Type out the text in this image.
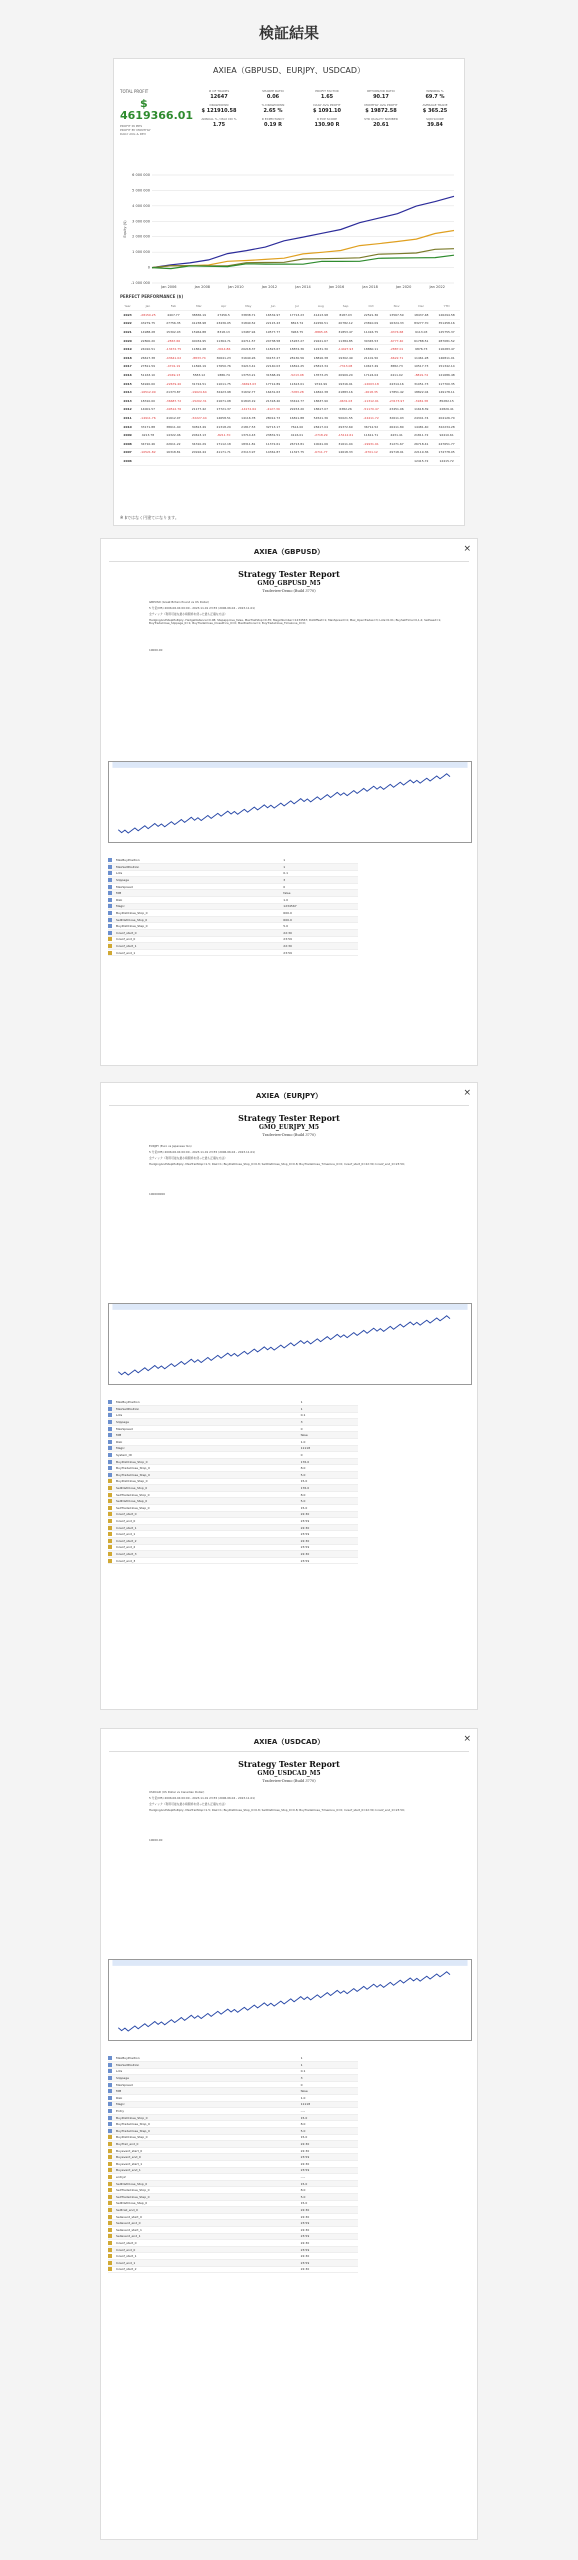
検証結果
AXIEA（GBPUSD、EURJPY、USDCAD）
TOTAL PROFIT
$
4619366.01
PROFIT IN PIPS
PROFIT BY MONTHLY
DAILY AVG & DEV
# OF TRADES
12647
SHARPE RATIO
0.06
PROFIT FACTOR
1.65
RETURN/DD RATIO
90.17
WINNING %
69.7 %
DRAWDOWN
$ 121910.58
% DRAWDOWN
2.65 %
DAILY AVG PROFIT
$ 1091.10
MONTHLY AVG PROFIT
$ 19872.58
AVERAGE TRADE
$ 365.25
ANNUAL % / MAX DD %
1.75
R EXPECTANCY
0.19 R
R EXP SCORE
130.90 R
STR QUALITY NUMBER
20.61
SQN SCORE
39.84
6 000 000
5 000 000
4 000 000
3 000 000
2 000 000
1 000 000
0
-1 000 000
Jan 2006	Jan 2008	Jan 2010	Jan 2012	Jan 2014	Jan 2016	Jan 2018	Jan 2020	Jan 2022
Equity ($)
PERFECT PERFORMANCE ($)
Year	Jan	Feb	Mar	Apr	May	Jun	Jul	Aug	Sep	Oct	Nov	Dec	YTD
2023	-28150.25	4407.77	38836.19	27456.5	33838.71	16532.97	17713.23	41413.98	8187.03	22521.36	13567.59	18437.48	126294.58
2022	43279.75	27756.35	41238.98	23436.05	31840.52	22115.43	8813.74	42256.51	20782.12	23810.09	16324.33	83277.70	351458.16
2021	14988.28	15302.03	15964.88	8318.13	13487.94	19577.77	3963.75	-8865.45	31853.47	11416.75	-9374.68	9113.03	125755.37
2020	22800.20	-2867.66	40034.95	11364.71	44711.57	24738.58	15267.27	29221.67	11384.85	30345.53	-6777.40	61788.51	287081.52
2019	24010.51	-13472.75	11861.48	-3014.86	20218.37	11823.67	18874.36	12231.30	-14427.93	18860.11	-2887.01	9876.73	116283.47
2018	26617.38	-43641.02	-8833.74	30641.23	31640.26	34157.27	28130.56	18816.38	19302.49	21101.50	-6622.71	11461.28	146811.01
2017	27811.59	-4701.19	11826.19	17650.76	34213.41	22140.03	16812.25	25813.34	-7313.08	10617.49	3882.73	10517.73	151342.14
2016	51163.10	-2049.13	5583.12	1886.74	13753.21	31568.29	-5213.08	13573.25	20909.20	17124.04	2411.02	-8819.74	121686.48
2015	54920.00	-22679.40	31724.51	11011.75	-34693.03	17712.89	11613.01	9722.99	19316.91	-12003.18	24314.16	31051.73	117700.35
2014	-16512.99	21373.87	-19024.64	32423.98	31632.77	16431.63	-7283.28	14822.38	21883.16	-2618.35	17851.42	18822.04	149178.11
2013	18310.00	-36687.72	-15202.31	21671.08	61843.19	21318.40	33412.77	18637.90	-9631.03	-11312.91	-23173.97	-3184.38	85282.15
2012	14001.57	-49512.76	21177.42	17721.37	-14172.64	-4127.39	29153.20	18617.07	6382.26	-51170.47	23451.06	11618.39	22826.41
2011	-14911.76	41612.07	-32227.44	14658.51	14116.78	28012.73	16811.88	54521.36	50021.55	-24411.72	32611.93	24341.74	204126.70
2010	33171.88	38611.40	30813.49	21318.29	21817.53	32713.17	7614.00	28417.04	29372.69	36712.52	26411.80	14481.40	322234.28
2009	4213.78	14322.46	20613.13	-8211.70	13714.43	23831.51	4116.01	-2718.29	-15112.61	11611.71	4431.41	21811.72	92410.61
2008	34710.46	22611.22	34310.29	17112.18	18311.81	11372.61	26713.81	10041.06	31611.04	-19931.91	31271.67	26718.41	247651.77
2007	-10521.82	16318.81	20916.44	41171.71	23113.97	14361.87	11327.75	-6711.77	14618.33	-6701.12	29718.91	22119.36	174778.05
2006												12415.72	12415.72
※ $ではなく円建てになります。
×
AXIEA（GBPUSD）
Strategy Tester Report
GMO_GBPUSD_M5
Tradeview-Demo (Build 3770)
GBPUSD (Great Britain Pound vs US Dollar)
5 分足(M5) 2006.06.04 00:00 - 2023.11.01 23:55 (2006.06.04 - 2023.11.01)
全ティック（利用可能な最小時間枠を使った最も正確な方法）
HedgingAndStepMultiply, HedgeDistance=0.08; Stepapprove_false, MaxTrailStop=0.35; MagicNumber=1234567; DstOffset=1; MaxSpread=4; Max_OpenTrades=3; Lots=0.01; BuySellTime=0,1,2; SellSeed=1; BuyTradeClose_Slippage_0=1; BuyTradeClose_ClosePrice_0=0; MaxPositions=1; BuyTradeClose_Timezone_0=0;
10000.00
	MaxBuyPosition	1
	MaxSellPosition	1
	Lots	0.1
	Slippage	3
	MaxSpread	0
	MM	false
	Risk	1.0
	Magic	1234567
	BuyDistClose_Stop_0	600.0
	SellDistClose_Stop_0	600.0
	BuyDistClose_Step_0	5.0
	Inreof_start_0	22:30
	Inreof_end_0	23:59
	Inreof_start_1	22:30
	Inreof_end_1	23:59
×
AXIEA（EURJPY）
Strategy Tester Report
GMO_EURJPY_M5
Tradeview-Demo (Build 3770)
EURJPY (Euro vs Japanese Yen)
5 分足(M5) 2006.06.04 00:00 - 2023.11.01 23:55 (2006.06.04 - 2023.11.01)
全ティック（利用可能な最小時間枠を使った最も正確な方法）
HedgingAndStepMultiply, MaxTrailStop=1.5; Risk=1; BuyDistClose_Stop_0=0.8; SellDistClose_Stop_0=0.8; BuyTradeClose_Timezone_0=0; Inreof_start_0=22:30; Inreof_end_0=23:59;
100000000
	MaxBuyPosition	1
	MaxSellPosition	1
	Lots	0.1
	Slippage	3
	MaxSpread	0
	MM	false
	Risk	1.0
	Magic	11118
	System_ID	0
	BuyDistClose_Stop_0	176.0
	BuyTradeClose_Stop_0	8.0
	BuyTradeClose_Step_0	5.0
	BuyDistClose_Step_0	15.0
	SellDistClose_Stop_0	176.0
	SellTradeClose_Stop_0	8.0
	SellDistClose_Step_0	5.0
	SellTradeClose_Step_0	15.0
	Inreof_start_0	22:30
	Inreof_end_0	23:59
	Inreof_start_1	22:30
	Inreof_end_1	23:59
	Inreof_start_2	22:30
	Inreof_end_2	23:59
	Inreof_start_3	22:30
	Inreof_end_3	23:59
×
AXIEA（USDCAD）
Strategy Tester Report
GMO_USDCAD_M5
Tradeview-Demo (Build 3770)
USDCAD (US Dollar vs Canadian Dollar)
5 分足(M5) 2006.06.04 00:00 - 2023.11.01 23:55 (2006.06.04 - 2023.11.01)
全ティック（利用可能な最小時間枠を使った最も正確な方法）
HedgingAndStepMultiply, MaxTrailStop=1.5; Risk=1; BuyDistClose_Stop_0=0.8; SellDistClose_Stop_0=0.8; BuyTradeClose_Timezone_0=0; Inreof_start_0=22:30; Inreof_end_0=23:59;
10000.00
	MaxBuyPosition	1
	MaxSellPosition	1
	Lots	0.1
	Slippage	3
	MaxSpread	0
	MM	false
	Risk	1.0
	Magic	11118
	Entry	----
	BuyDistClose_Stop_0	15.0
	BuyTradeClose_Stop_0	8.0
	BuyTradeClose_Step_0	5.0
	BuyDistClose_Step_0	15.0
	BuyTrail_end_0	22:30
	Buyevent_start_0	22:30
	Buyevent_end_0	23:59
	Buyevent_start_1	22:30
	Buyevent_end_1	23:59
	entry2	----
	SellDistClose_Stop_0	15.0
	SellTradeClose_Stop_0	8.0
	SellTradeClose_Step_0	5.0
	SellDistClose_Step_0	15.0
	Selltrail_end_0	22:30
	Sellevent_start_0	22:30
	Sellevent_end_0	23:59
	Sellevent_start_1	22:30
	Sellevent_end_1	23:59
	Inreof_start_0	22:30
	Inreof_end_0	23:59
	Inreof_start_1	22:30
	Inreof_end_1	23:59
	Inreof_start_2	22:30
